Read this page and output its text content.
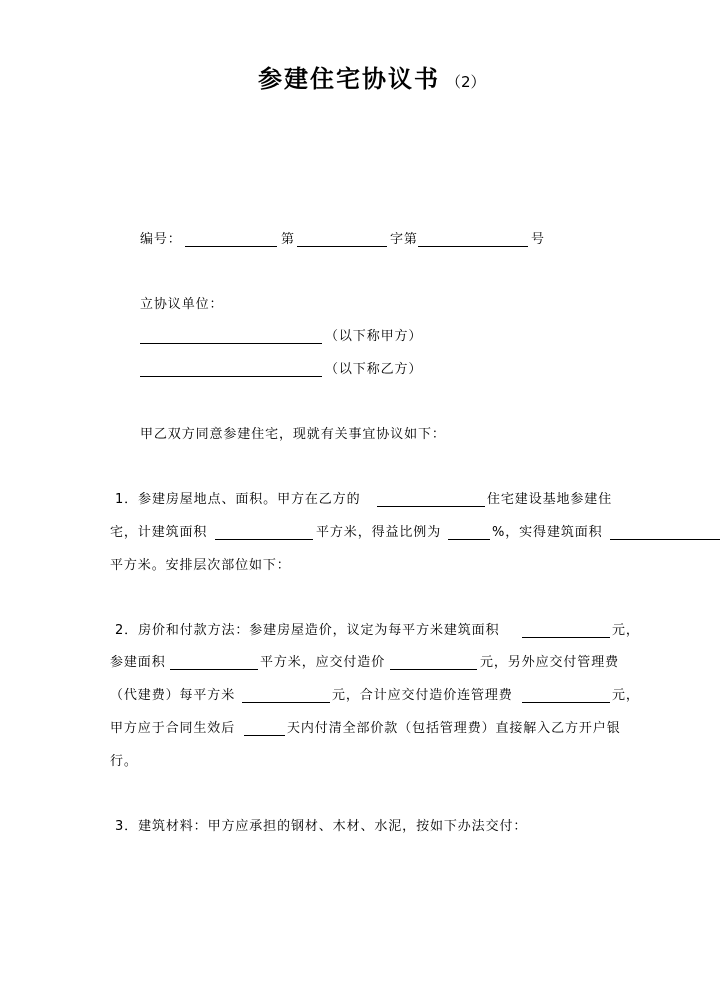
参建住宅协议书 （2）
编号：	第	字第	号
立协议单位：
（以下称甲方）
（以下称乙方）
甲乙双方同意参建住宅，现就有关事宜协议如下：
1．参建房屋地点、面积。甲方在乙方的	住宅建设基地参建住
宅，计建筑面积	平方米，得益比例为	%，实得建筑面积
平方米。安排层次部位如下：
2．房价和付款方法：参建房屋造价，议定为每平方米建筑面积	元，
参建面积	平方米，应交付造价	元，另外应交付管理费
（代建费）每平方米	元，合计应交付造价连管理费	元，
甲方应于合同生效后	天内付清全部价款（包括管理费）直接解入乙方开户银
行。
3．建筑材料：甲方应承担的钢材、木材、水泥，按如下办法交付：
